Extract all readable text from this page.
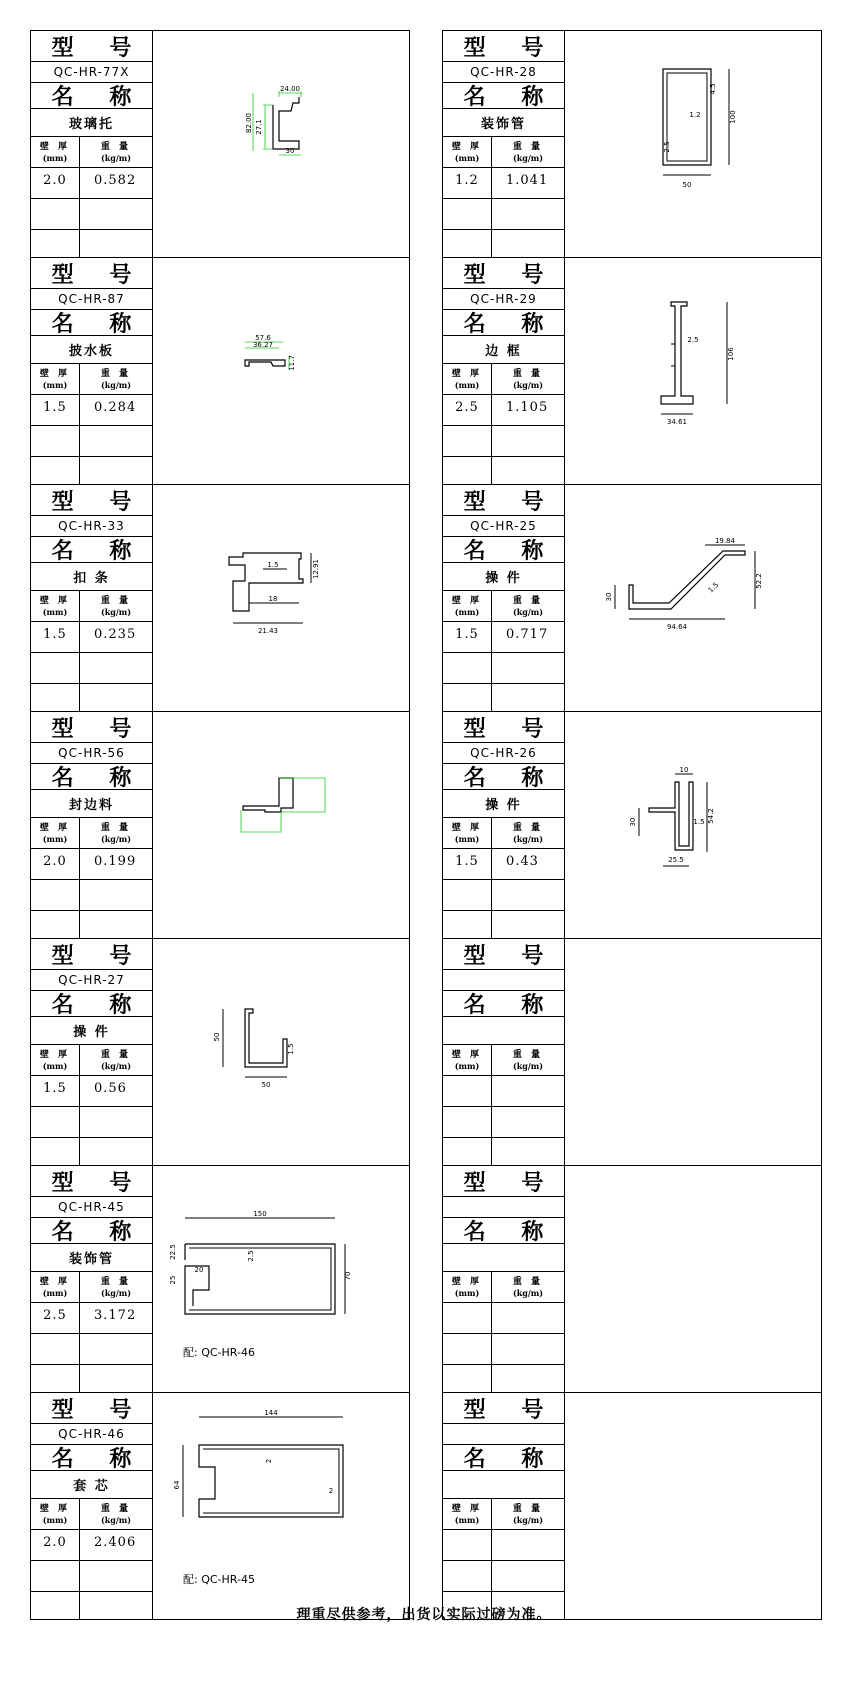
型 号
QC-HR-77X
名 称
玻璃托
壁 厚
(mm)
重 量
(kg/m)
2.0 0.582
24.00
82.00 27.1
30
型 号
QC-HR-87
名 称
披水板
壁 厚
(mm)
重 量
(kg/m)
1.5 0.284
57.6
36.27
11.7
型 号
QC-HR-33
名 称
扣 条
壁 厚
(mm)
重 量
(kg/m)
1.5 0.235
1.5	12.91
18
21.43
型 号
QC-HR-56
名 称
封边料
壁 厚
(mm)
重 量
(kg/m)
2.0 0.199
型 号
QC-HR-27
名 称
操 件
壁 厚
(mm)
重 量
(kg/m)
1.5 0.56
50
50
1.5
型 号
QC-HR-45
名 称
装饰管
壁 厚
(mm)
重 量
(kg/m)
2.5 3.172
150
22.5	2.5
20
25	70
配: QC-HR-46
型 号
QC-HR-46
名 称
套 芯
壁 厚
(mm)
重 量
(kg/m)
2.0 2.406
144
2
64
2
配: QC-HR-45
型 号
QC-HR-28
名 称
装饰管
壁 厚
(mm)
重 量
(kg/m)
1.2 1.041
1.2	100
50
4.5
2.5
型 号
QC-HR-29
名 称
边 框
壁 厚
(mm)
重 量
(kg/m)
2.5 1.105
2.5
106
34.61
型 号
QC-HR-25
名 称
操 件
壁 厚
(mm)
重 量
(kg/m)
1.5 0.717
19.84
1.5	52.2
30
94.64
型 号
QC-HR-26
名 称
操 件
壁 厚
(mm)
重 量
(kg/m)
1.5 0.43
10
54.2
30	1.5
25.5
型 号
名 称
壁 厚
(mm)
重 量
(kg/m)
型 号
名 称
壁 厚
(mm)
重 量
(kg/m)
型 号
名 称
壁 厚
(mm)
重 量
(kg/m)
理重尽供参考，出货以实际过磅为准。
